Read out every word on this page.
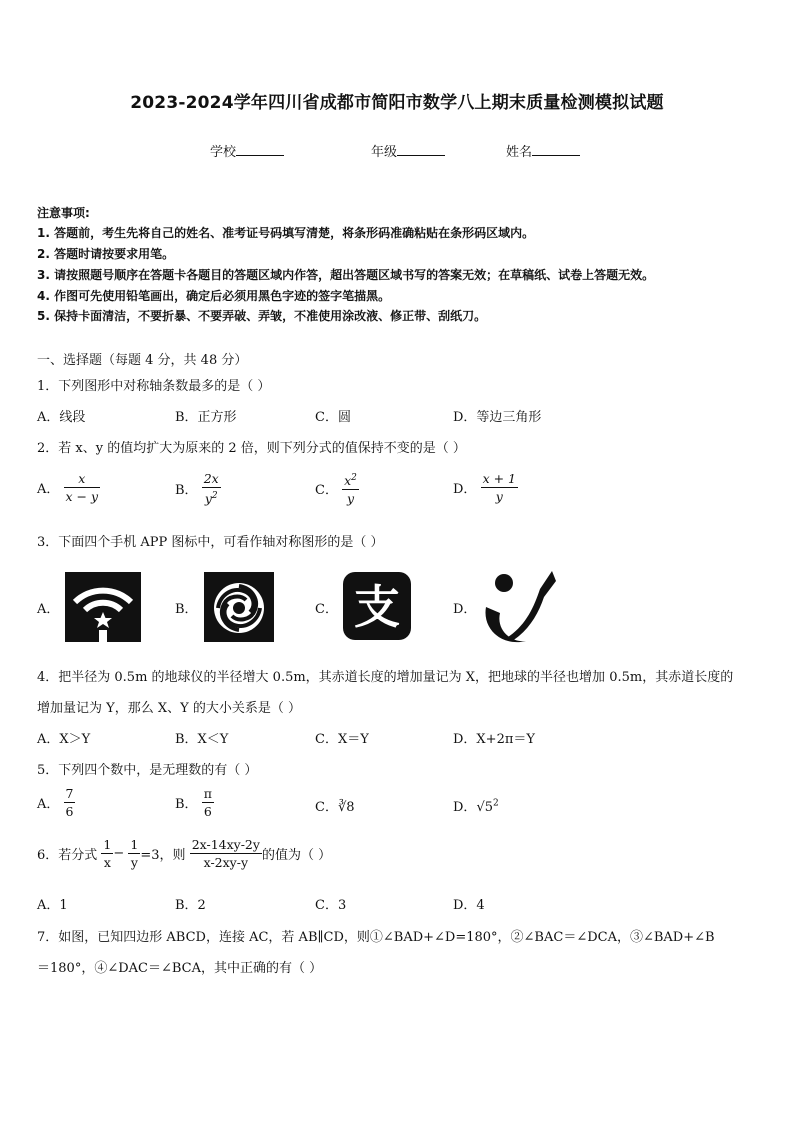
2023-2024学年四川省成都市简阳市数学八上期末质量检测模拟试题
学校	年级	姓名
注意事项:
1. 答题前，考生先将自己的姓名、准考证号码填写清楚，将条形码准确粘贴在条形码区域内。
2. 答题时请按要求用笔。
3. 请按照题号顺序在答题卡各题目的答题区域内作答，超出答题区域书写的答案无效；在草稿纸、试卷上答题无效。
4. 作图可先使用铅笔画出，确定后必须用黑色字迹的签字笔描黑。
5. 保持卡面清洁，不要折暴、不要弄破、弄皱，不准使用涂改液、修正带、刮纸刀。
一、选择题（每题 4 分，共 48 分）
1．下列图形中对称轴条数最多的是（ ）
A．线段	B．正方形	C．圆	D．等边三角形
2．若 x、y 的值均扩大为原来的 2 倍，则下列分式的值保持不变的是（ ）
A． $\frac{x}{x - y}$	B． $\frac{2x}{y^2}$	C． $\frac{x^2}{y}$	D． $\frac{x + 1}{y}$
3．下面四个手机 APP 图标中，可看作轴对称图形的是（ ）
A．	B．	C．	D．
支
4．把半径为 0.5m 的地球仪的半径增大 0.5m，其赤道长度的增加量记为 X，把地球的半径也增加 0.5m，其赤道长度的
增加量记为 Y，那么 X、Y 的大小关系是（ ）
A．X＞Y	B．X＜Y	C．X＝Y	D．X+2π＝Y
5．下列四个数中，是无理数的有（ ）
A． $\frac{7}{6}$	B． $\frac{\pi}{6}$	C．∛8	D．$√5^2$
6．若分式 $\frac{1}{x} - \frac{1}{y} =3$，则 $\frac{2x-14xy-2y}{x-2xy-y}$ 的值为（ ）
A．1	B．2	C．3	D．4
7．如图，已知四边形 ABCD，连接 AC，若 AB∥CD，则①∠BAD+∠D=180°，②∠BAC＝∠DCA，③∠BAD+∠B
＝180°，④∠DAC＝∠BCA，其中正确的有（ ）
